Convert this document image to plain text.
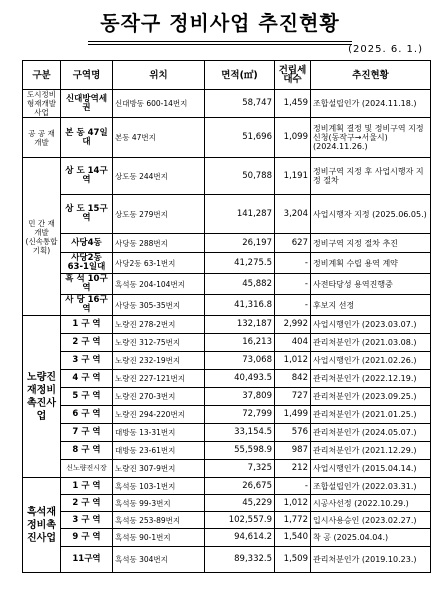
동작구 정비사업 추진현황
(2025. 6. 1.)
구분	구역명	위치	면적(㎡)	건립세대수	추진현황
도시정비형재개발사업	신대방역세권	신대방동 600-14번지	58,747	1,459	조합설립인가 (2024.11.18.)
공 공 재개발	본 동 47일대	본동 47번지	51,696	1,099	정비계획 결정 및 정비구역 지정 신청(동작구→서울시) (2024.11.26.)
민 간 재개발
(신속통합기획)	상 도 14구역	상도동 244번지	50,788	1,191	정비구역 지정 후 사업시행자 지정 절차
	상 도 15구역	상도동 279번지	141,287	3,204	사업시행자 지정 (2025.06.05.)
	사당4동	사당동 288번지	26,197	627	정비구역 지정 절차 추진
	사당2동 63-1일대	사당2동 63-1번지	41,275.5	-	정비계획 수립 용역 계약
	흑 석 10구역	흑석동 204-104번지	45,882	-	사전타당성 용역진행중
	사 당 16구역	사당동 305-35번지	41,316.8	-	후보지 선정
노량진재정비촉진사업	1 구 역	노량진 278-2번지	132,187	2,992	사업시행인가 (2023.03.07.)
	2 구 역	노량진 312-75번지	16,213	404	관리처분인가 (2021.03.08.)
	3 구 역	노량진 232-19번지	73,068	1,012	사업시행인가 (2021.02.26.)
	4 구 역	노량진 227-121번지	40,493.5	842	관리처분인가 (2022.12.19.)
	5 구 역	노량진 270-3번지	37,809	727	관리처분인가 (2023.09.25.)
	6 구 역	노량진 294-220번지	72,799	1,499	관리처분인가 (2021.01.25.)
	7 구 역	대방동 13-31번지	33,154.5	576	관리처분인가 (2024.05.07.)
	8 구 역	대방동 23-61번지	55,598.9	987	관리처분인가 (2021.12.29.)
	신노량진시장	노량진 307-9번지	7,325	212	사업시행인가 (2015.04.14.)
흑석재정비촉진사업	1 구 역	흑석동 103-1번지	26,675	-	조합설립인가 (2022.03.31.)
	2 구 역	흑석동 99-3번지	45,229	1,012	시공사선정 (2022.10.29.)
	3 구 역	흑석동 253-89번지	102,557.9	1,772	입시사용승인 (2023.02.27.)
	9 구 역	흑석동 90-1번지	94,614.2	1,540	착 공 (2025.04.04.)
	11구역	흑석동 304번지	89,332.5	1,509	관리처분인가 (2019.10.23.)
